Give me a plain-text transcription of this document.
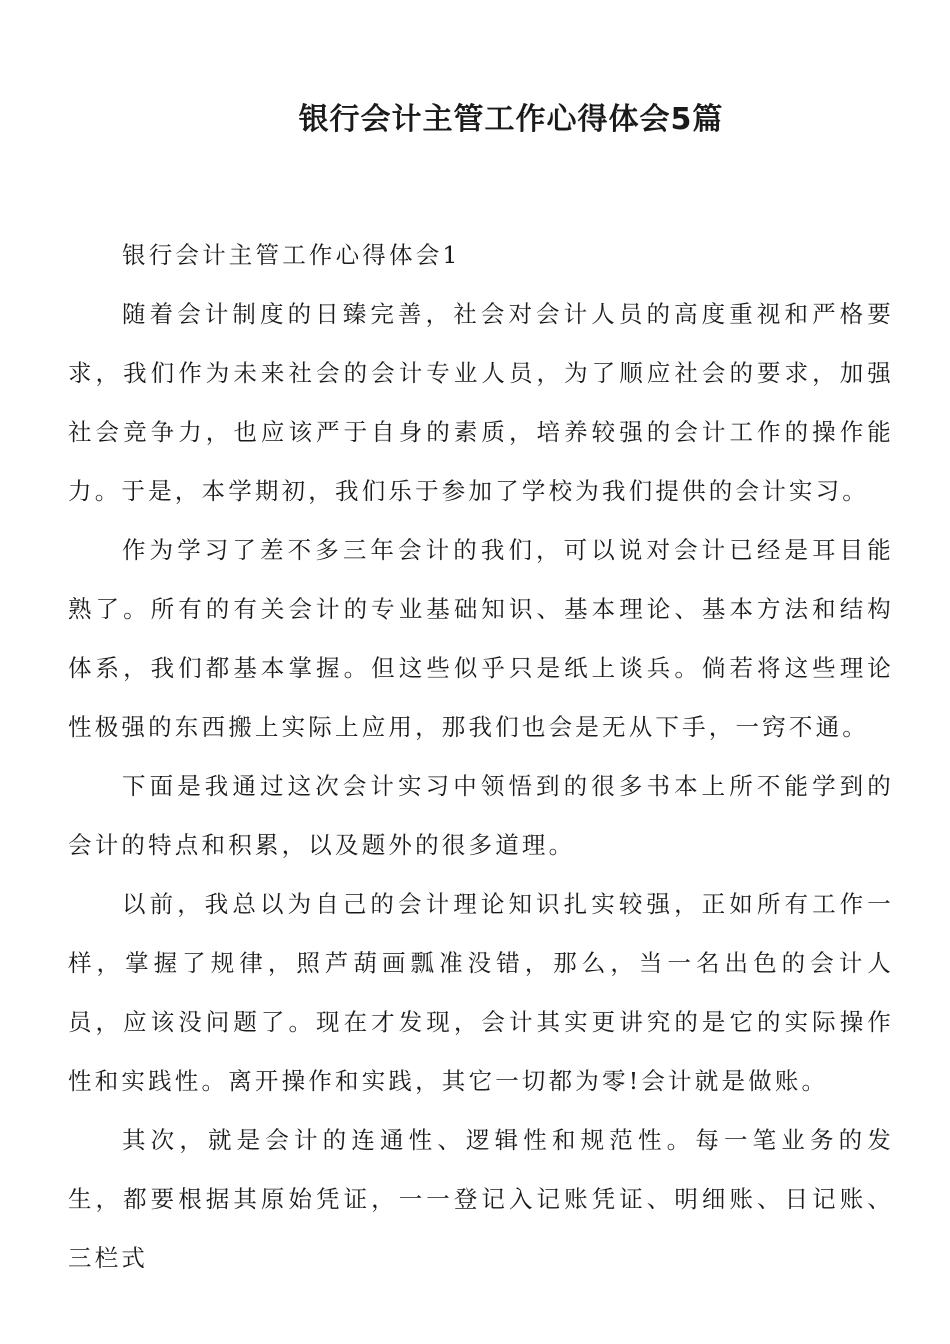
银行会计主管工作心得体会5篇

银行会计主管工作心得体会1

随着会计制度的日臻完善，社会对会计人员的高度重视和严格要求，我们作为未来社会的会计专业人员，为了顺应社会的要求，加强社会竞争力，也应该严于自身的素质，培养较强的会计工作的操作能力。于是，本学期初，我们乐于参加了学校为我们提供的会计实习。

作为学习了差不多三年会计的我们，可以说对会计已经是耳目能熟了。所有的有关会计的专业基础知识、基本理论、基本方法和结构体系，我们都基本掌握。但这些似乎只是纸上谈兵。倘若将这些理论性极强的东西搬上实际上应用，那我们也会是无从下手，一窍不通。

下面是我通过这次会计实习中领悟到的很多书本上所不能学到的会计的特点和积累，以及题外的很多道理。

以前，我总以为自己的会计理论知识扎实较强，正如所有工作一样，掌握了规律，照芦葫画瓢准没错，那么，当一名出色的会计人员，应该没问题了。现在才发现，会计其实更讲究的是它的实际操作性和实践性。离开操作和实践，其它一切都为零!会计就是做账。

其次，就是会计的连通性、逻辑性和规范性。每一笔业务的发生，都要根据其原始凭证，一一登记入记账凭证、明细账、日记账、三栏式
